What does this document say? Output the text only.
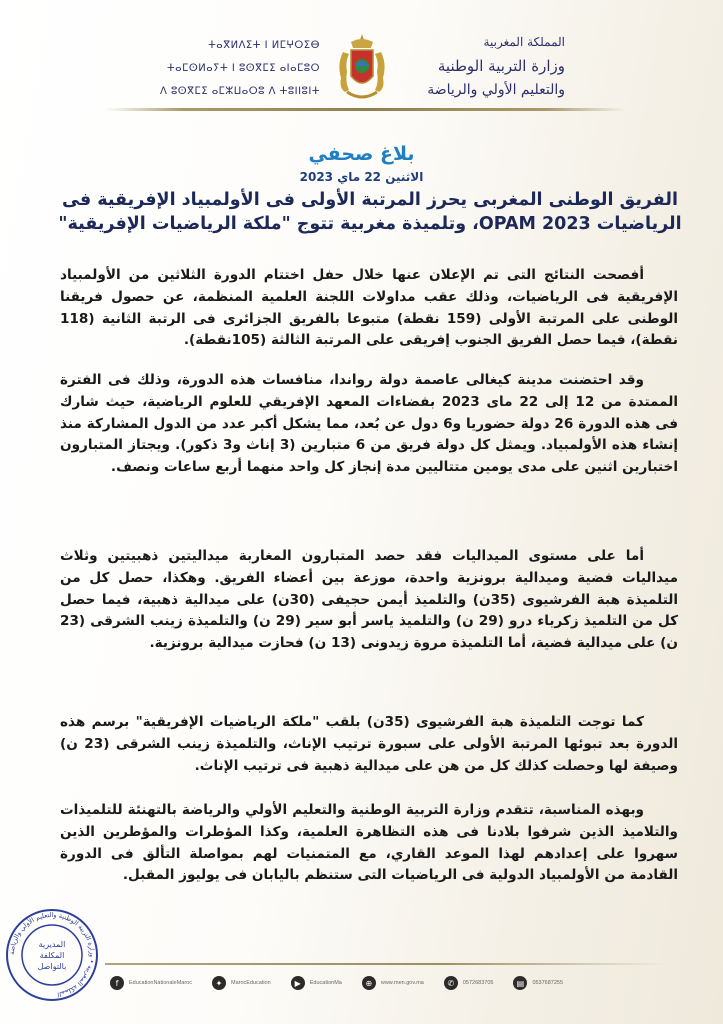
ⵜⴰⴳⵍⴷⵉⵜ ⵏ ⵍⵎⵖⵔⵉⴱ
ⵜⴰⵎⵙⵍⴰⵢⵜ ⵏ ⵓⵙⴳⵎⵉ ⴰⵏⴰⵎⵓⵔ
ⴷ ⵓⵙⴳⵎⵉ ⴰⵎⵣⵡⴰⵔⵓ ⴷ ⵜⵓⵏⵏⵓⵏⵜ
المملكة المغربية
وزارة التربية الوطنية
والتعليم الأولي والرياضة
بلاغ صحفي
الاثنين 22 ماي 2023
الفريق الوطنى المغربى يحرز المرتبة الأولى فى الأولمبياد الإفريقية فى
الرياضيات OPAM 2023، وتلميذة مغربية تتوج "ملكة الرياضيات الإفريقية"

أفصحت النتائج التى تم الإعلان عنها خلال حفل اختتام الدورة الثلاثين من الأولمبياد الإفريقية فى الرياضيات، وذلك عقب مداولات اللجنة العلمية المنظمة، عن حصول فريقنا الوطنى على المرتبة الأولى (159 نقطة) متبوعا بالفريق الجزائرى فى الرتبة الثانية (118 نقطة)، فيما حصل الفريق الجنوب إفريقى على المرتبة الثالثة (105نقطة).

وقد احتضنت مدينة كيغالى عاصمة دولة رواندا، منافسات هذه الدورة، وذلك فى الفترة الممتدة من 12 إلى 22 ماى 2023 بفضاءات المعهد الإفريقي للعلوم الرياضية، حيث شارك فى هذه الدورة 26 دولة حضوريا و6 دول عن بُعد، مما يشكل أكبر عدد من الدول المشاركة منذ إنشاء هذه الأولمبياد. ويمثل كل دولة فريق من 6 متبارين (3 إناث و3 ذكور). ويجتاز المتبارون اختبارين اثنين على مدى يومين متتاليين مدة إنجاز كل واحد منهما أربع ساعات ونصف.

أما على مستوى الميداليات فقد حصد المتبارون المغاربة ميداليتين ذهبيتين وثلاث ميداليات فضية وميدالية برونزية واحدة، موزعة بين أعضاء الفريق. وهكذا، حصل كل من التلميذة هبة الفرشيوى (35ن) والتلميذ أيمن حجيفى (30ن) على ميدالية ذهبية، فيما حصل كل من التلميذ زكرياء درو (29 ن) والتلميذ ياسر أبو سير (29 ن) والتلميذة زينب الشرقى (23 ن) على ميدالية فضية، أما التلميذة مروة زيدونى (13 ن) فحازت ميدالية برونزية.

كما توجت التلميذة هبة الفرشيوى (35ن) بلقب "ملكة الرياضيات الإفريقية" برسم هذه الدورة بعد تبوئها المرتبة الأولى على سبورة ترتيب الإناث، والتلميذة زينب الشرقى (23 ن) وصيفة لها وحصلت كذلك كل من هن على ميدالية ذهبية فى ترتيب الإناث.

وبهذه المناسبة، تتقدم وزارة التربية الوطنية والتعليم الأولي والرياضة بالتهنئة للتلميذات والتلاميذ الذين شرفوا بلادنا فى هذه التظاهرة العلمية، وكذا المؤطرات والمؤطرين الذين سهروا على إعدادهم لهذا الموعد القاري، مع المتمنيات لهم بمواصلة التألق فى الدورة القادمة من الأولمبياد الدولية فى الرياضيات التى ستنظم باليابان فى يوليوز المقبل.

المملكة المغربية • وزارة التربية الوطنية والتعليم الأولي والرياضة
المديرية
المكلفة
بالتواصل
f	EducationNationaleMaroc	✦	MarocEducation	▶	EducationMa	⊕	www.men.gov.ma	✆	0572683705	▤	0537687255
